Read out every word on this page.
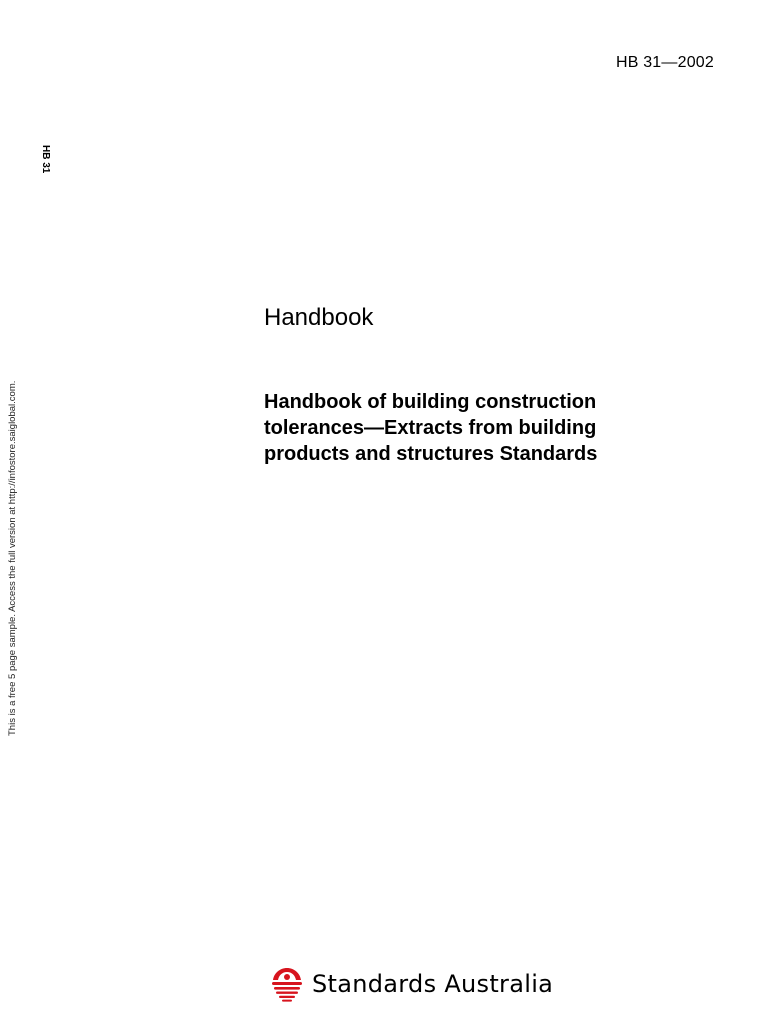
HB 31—2002
HB 31
This is a free 5 page sample. Access the full version at http://infostore.saiglobal.com.
Handbook
Handbook of building construction tolerances—Extracts from building products and structures Standards
Standards Australia
